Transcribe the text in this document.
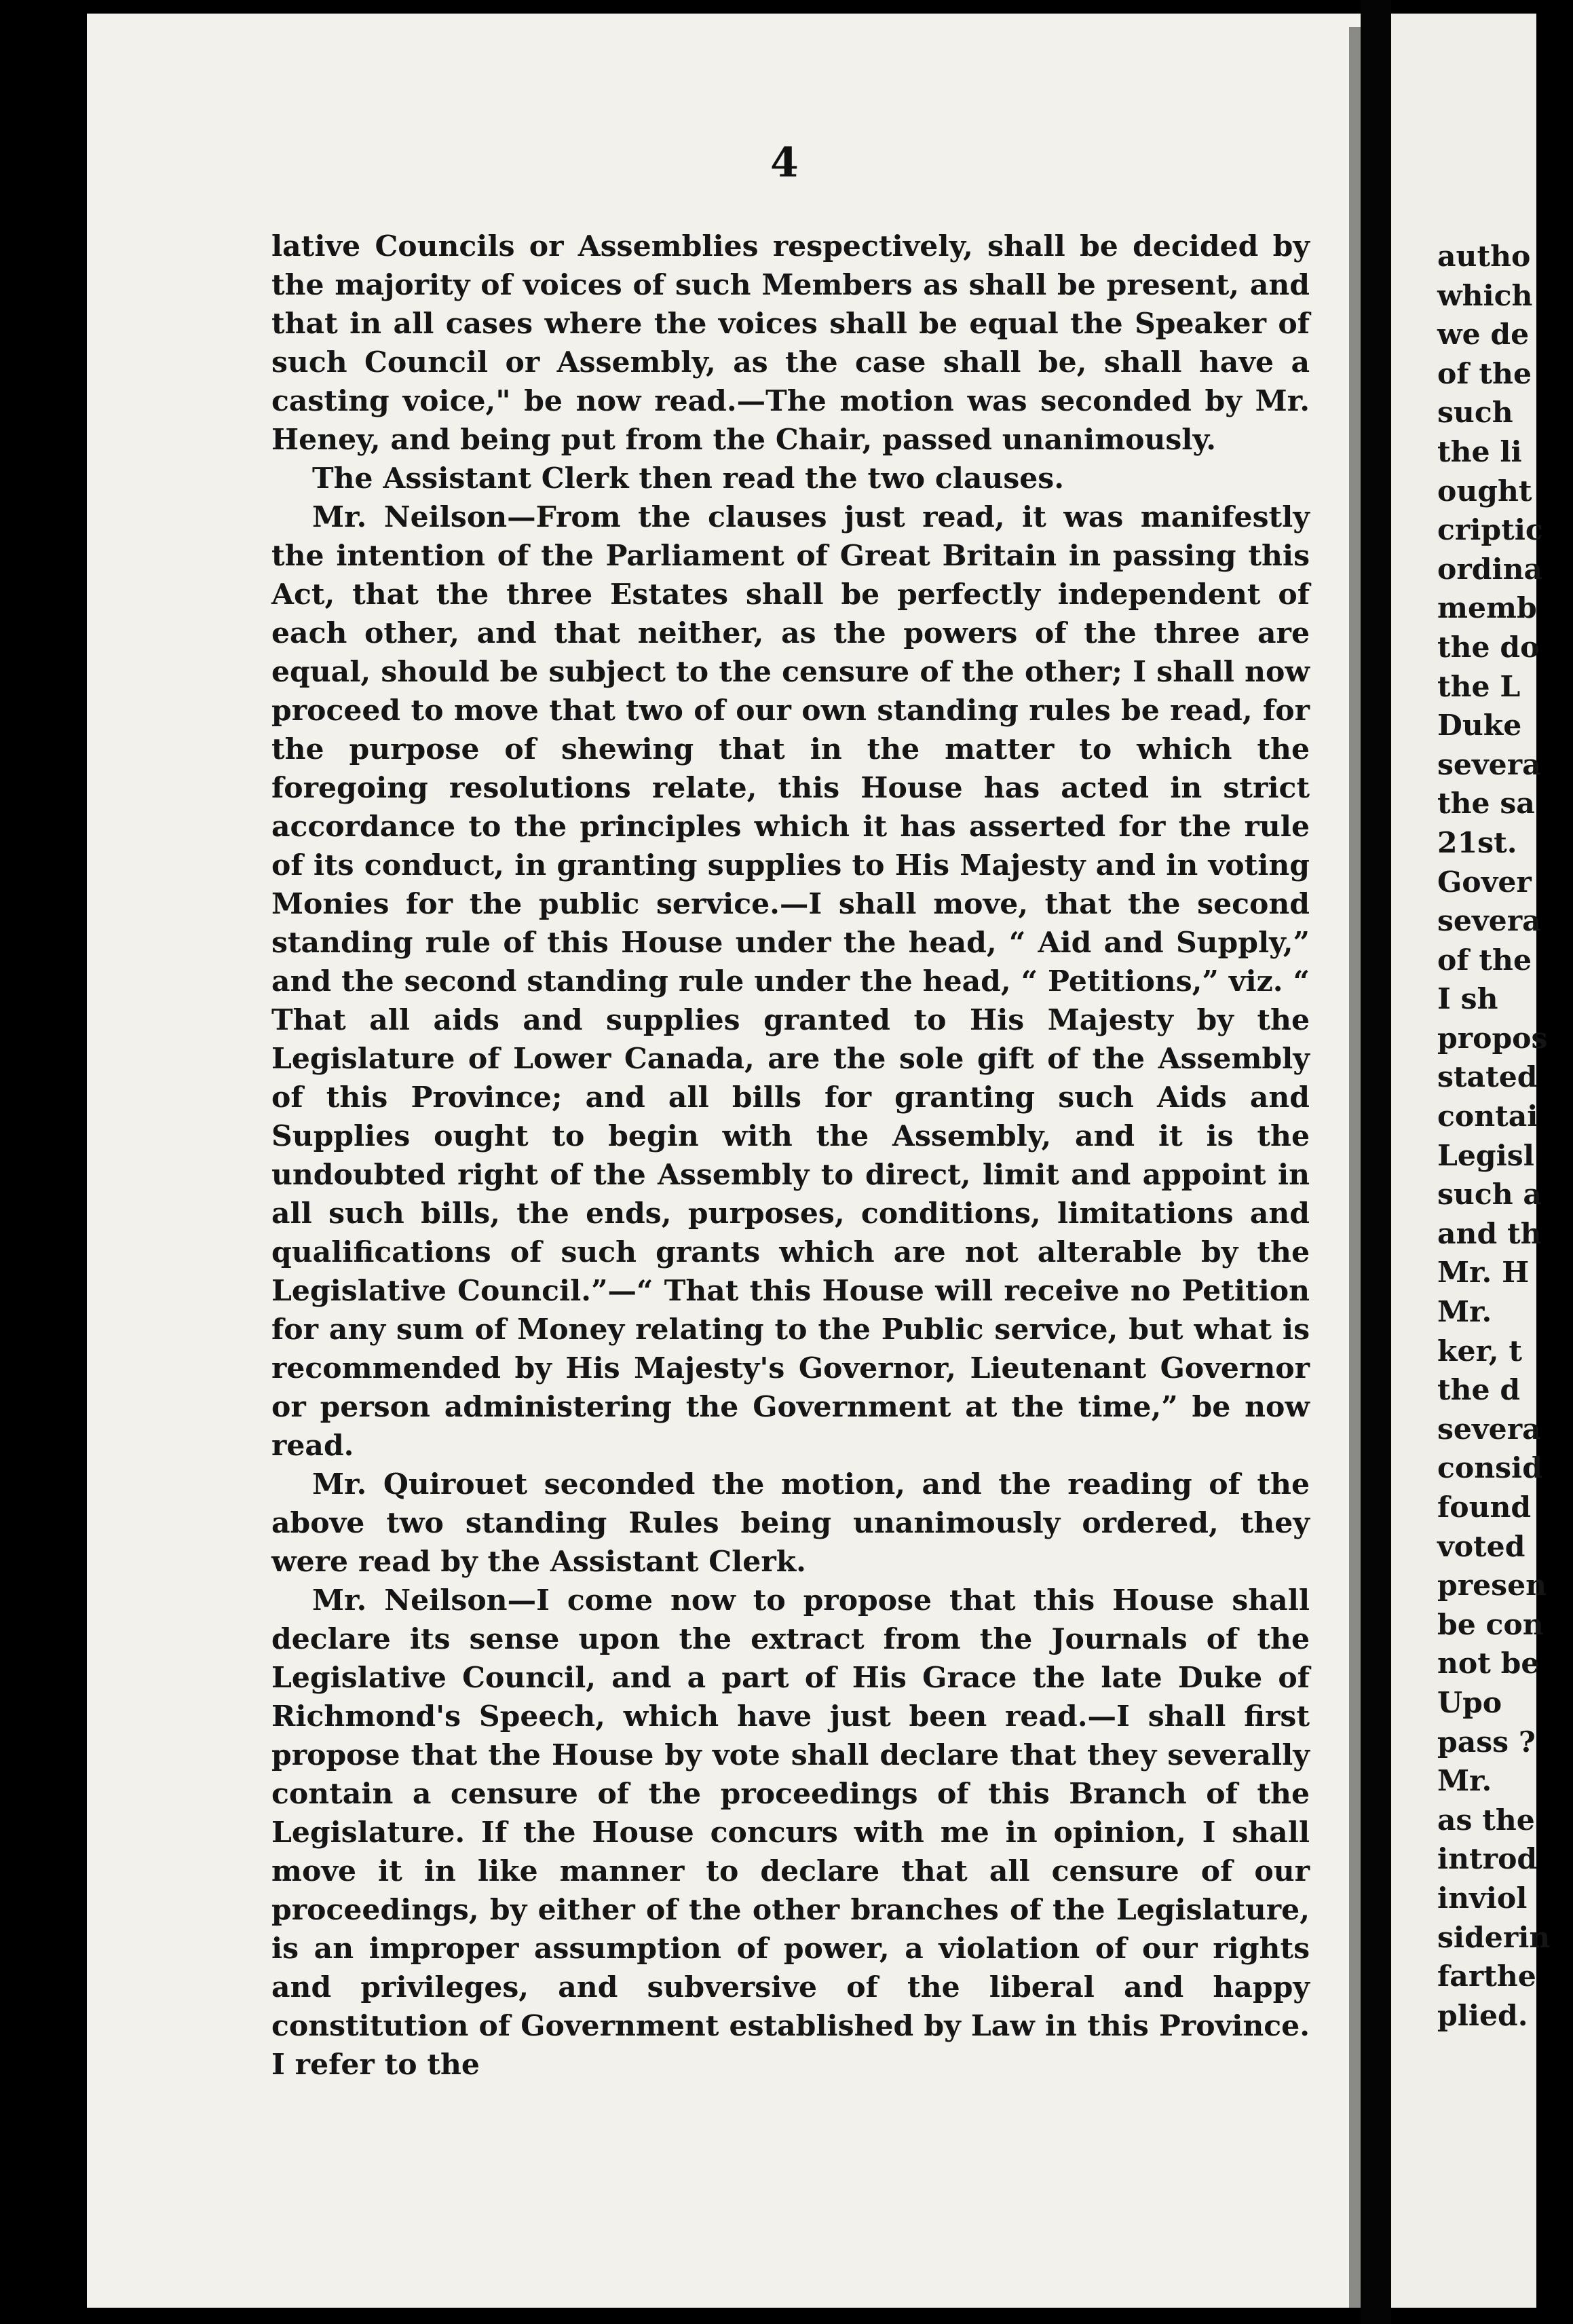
4

lative Councils or Assemblies respectively, shall be decided by the majority of voices of such Members as shall be present, and that in all cases where the voices shall be equal the Speaker of such Council or Assembly, as the case shall be, shall have a casting voice," be now read.—The motion was seconded by Mr. Heney, and being put from the Chair, passed unanimously.

The Assistant Clerk then read the two clauses.

Mr. Neilson—From the clauses just read, it was manifestly the intention of the Parliament of Great Britain in passing this Act, that the three Estates shall be perfectly independent of each other, and that neither, as the powers of the three are equal, should be subject to the censure of the other; I shall now proceed to move that two of our own standing rules be read, for the purpose of shewing that in the matter to which the foregoing resolutions relate, this House has acted in strict accordance to the principles which it has asserted for the rule of its conduct, in granting supplies to His Majesty and in voting Monies for the public service.—I shall move, that the second standing rule of this House under the head, “ Aid and Supply,” and the second standing rule under the head, “ Petitions,” viz. “ That all aids and supplies granted to His Majesty by the Legislature of Lower Canada, are the sole gift of the Assembly of this Province; and all bills for granting such Aids and Supplies ought to begin with the Assembly, and it is the undoubted right of the Assembly to direct, limit and appoint in all such bills, the ends, purposes, conditions, limitations and qualifications of such grants which are not alterable by the Legislative Council.”—“ That this House will receive no Petition for any sum of Money relating to the Public service, but what is recommended by His Majesty's Governor, Lieutenant Governor or person administering the Government at the time,” be now read.

Mr. Quirouet seconded the motion, and the reading of the above two standing Rules being unanimously ordered, they were read by the Assistant Clerk.

Mr. Neilson—I come now to propose that this House shall declare its sense upon the extract from the Journals of the Legislative Council, and a part of His Grace the late Duke of Richmond's Speech, which have just been read.—I shall first propose that the House by vote shall declare that they severally contain a censure of the proceedings of this Branch of the Legislature. If the House concurs with me in opinion, I shall move it in like manner to declare that all censure of our proceedings, by either of the other branches of the Legislature, is an improper assumption of power, a violation of our rights and privileges, and subversive of the liberal and happy constitution of Government established by Law in this Province. I refer to the

autho
which
we de
of the
such
the li
ought
criptic
ordina
memb
the do
the L
Duke
severa
the sa
21st.
Gover
severa
of the
I sh
propos
stated
contai
Legisl
such a
and th
Mr. H
Mr.
ker, t
the d
severa
consid
found
voted
presen
be con
not be
Upo
pass ?
Mr.
as the
introd
inviol
siderin
farthe
plied.
